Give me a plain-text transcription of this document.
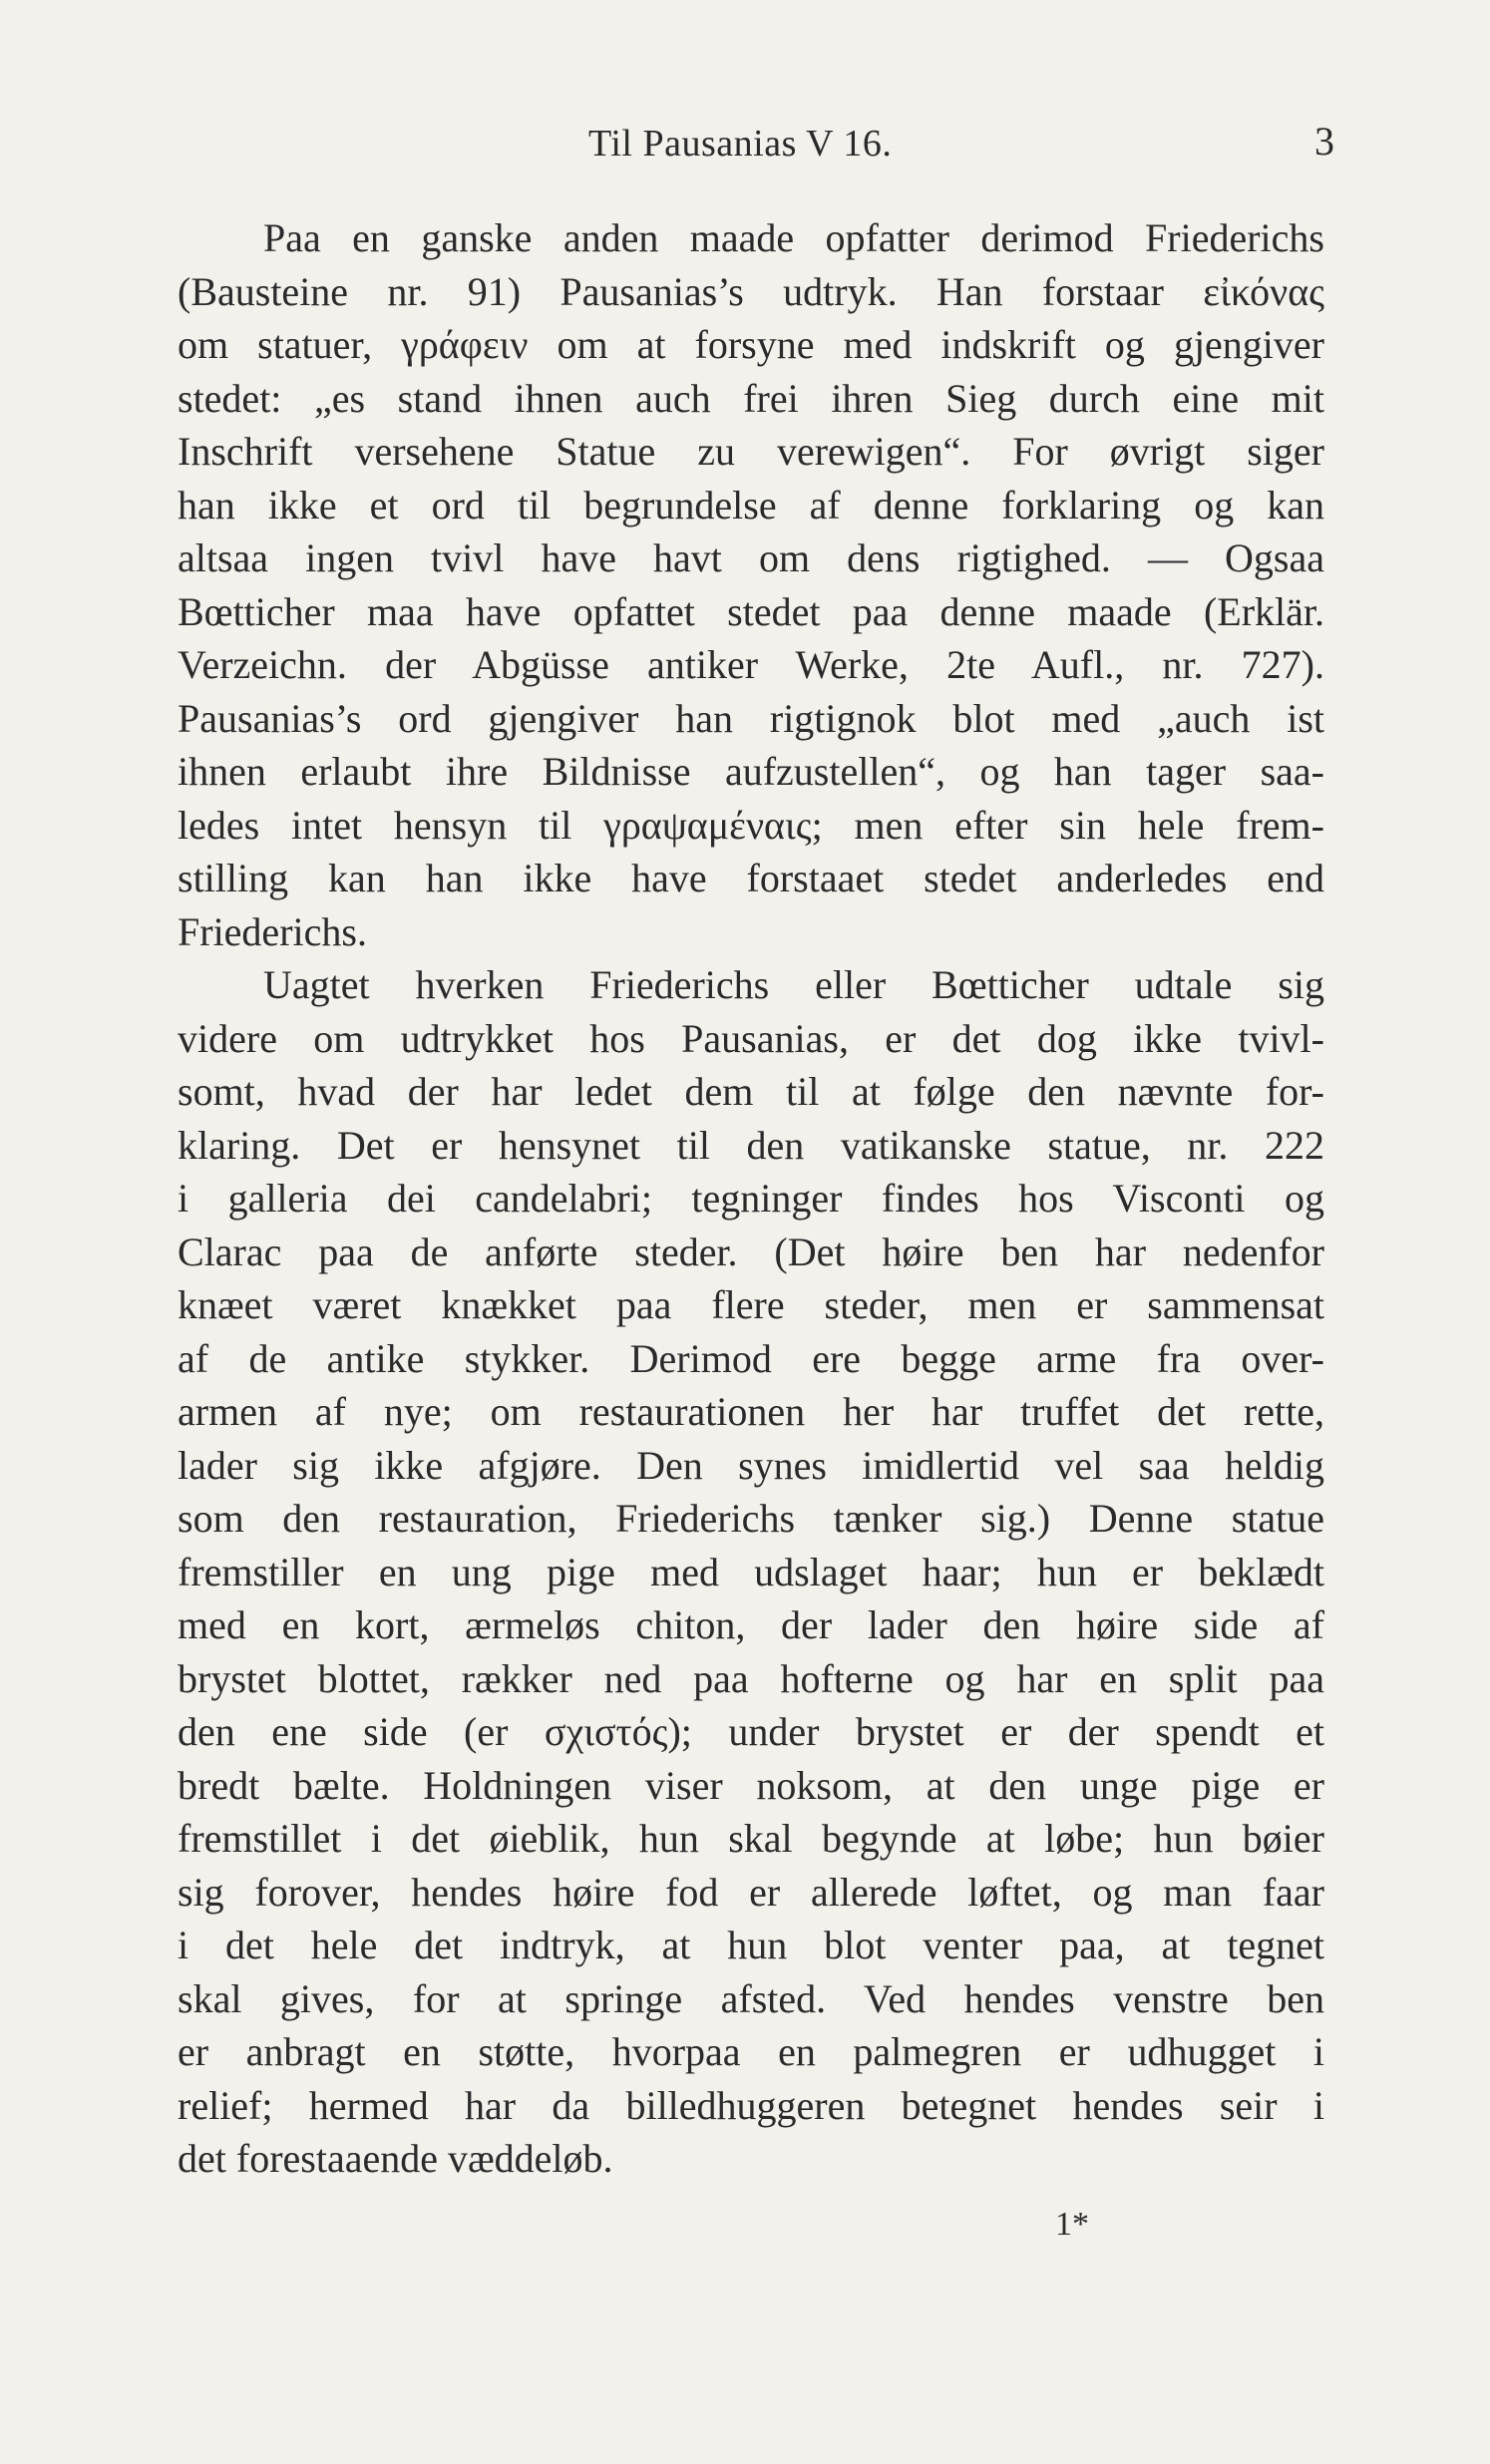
Til Pausanias V 16.	3
Paa en ganske anden maade opfatter derimod Friederichs
(Bausteine nr. 91) Pausanias’s udtryk. Han forstaar εἰκόνας
om statuer, γράφειν om at forsyne med indskrift og gjengiver
stedet: „es stand ihnen auch frei ihren Sieg durch eine mit
Inschrift versehene Statue zu verewigen“. For øvrigt siger
han ikke et ord til begrundelse af denne forklaring og kan
altsaa ingen tvivl have havt om dens rigtighed. — Ogsaa
Bœtticher maa have opfattet stedet paa denne maade (Erklär.
Verzeichn. der Abgüsse antiker Werke, 2te Aufl., nr. 727).
Pausanias’s ord gjengiver han rigtignok blot med „auch ist
ihnen erlaubt ihre Bildnisse aufzustellen“, og han tager saa-
ledes intet hensyn til γραψαμέναις; men efter sin hele frem-
stilling kan han ikke have forstaaet stedet anderledes end
Friederichs.
Uagtet hverken Friederichs eller Bœtticher udtale sig
videre om udtrykket hos Pausanias, er det dog ikke tvivl-
somt, hvad der har ledet dem til at følge den nævnte for-
klaring. Det er hensynet til den vatikanske statue, nr. 222
i galleria dei candelabri; tegninger findes hos Visconti og
Clarac paa de anførte steder. (Det høire ben har nedenfor
knæet været knækket paa flere steder, men er sammensat
af de antike stykker. Derimod ere begge arme fra over-
armen af nye; om restaurationen her har truffet det rette,
lader sig ikke afgjøre. Den synes imidlertid vel saa heldig
som den restauration, Friederichs tænker sig.) Denne statue
fremstiller en ung pige med udslaget haar; hun er beklædt
med en kort, ærmeløs chiton, der lader den høire side af
brystet blottet, rækker ned paa hofterne og har en split paa
den ene side (er σχιστός); under brystet er der spendt et
bredt bælte. Holdningen viser noksom, at den unge pige er
fremstillet i det øieblik, hun skal begynde at løbe; hun bøier
sig forover, hendes høire fod er allerede løftet, og man faar
i det hele det indtryk, at hun blot venter paa, at tegnet
skal gives, for at springe afsted. Ved hendes venstre ben
er anbragt en støtte, hvorpaa en palmegren er udhugget i
relief; hermed har da billedhuggeren betegnet hendes seir i
det forestaaende væddeløb.
1*
